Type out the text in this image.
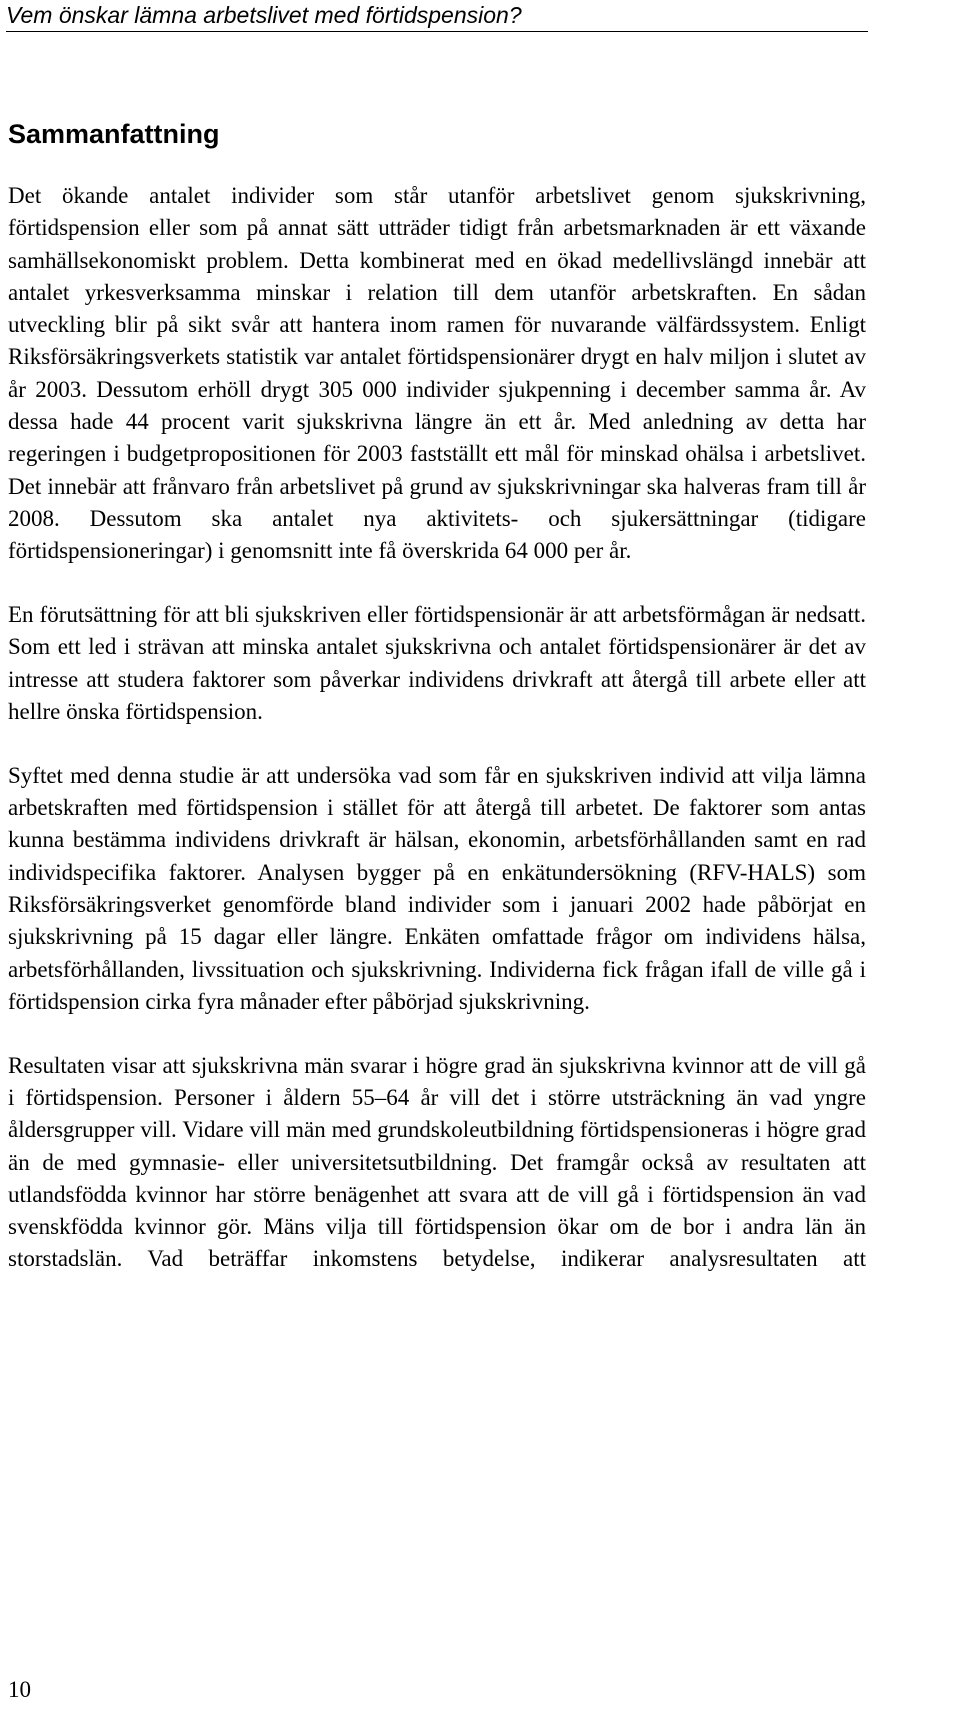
Vem önskar lämna arbetslivet med förtidspension?
Sammanfattning

Det ökande antalet individer som står utanför arbetslivet genom sjukskrivning, förtidspension eller som på annat sätt utträder tidigt från arbetsmarknaden är ett växande samhällsekonomiskt problem. Detta kombinerat med en ökad medellivslängd innebär att antalet yrkesverksamma minskar i relation till dem utanför arbetskraften. En sådan utveckling blir på sikt svår att hantera inom ramen för nuvarande välfärdssystem. Enligt Riksförsäkringsverkets statistik var antalet förtidspensionärer drygt en halv miljon i slutet av år 2003. Dessutom erhöll drygt 305 000 individer sjukpenning i december samma år. Av dessa hade 44 procent varit sjukskrivna längre än ett år. Med anledning av detta har regeringen i budgetpropositionen för 2003 fastställt ett mål för minskad ohälsa i arbetslivet. Det innebär att frånvaro från arbetslivet på grund av sjukskrivningar ska halveras fram till år 2008. Dessutom ska antalet nya aktivitets- och sjukersättningar (tidigare förtidspensioneringar) i genomsnitt inte få överskrida 64 000 per år.

En förutsättning för att bli sjukskriven eller förtidspensionär är att arbetsförmågan är nedsatt. Som ett led i strävan att minska antalet sjukskrivna och antalet förtidspensionärer är det av intresse att studera faktorer som påverkar individens drivkraft att återgå till arbete eller att hellre önska förtidspension.

Syftet med denna studie är att undersöka vad som får en sjukskriven individ att vilja lämna arbetskraften med förtidspension i stället för att återgå till arbetet. De faktorer som antas kunna bestämma individens drivkraft är hälsan, ekonomin, arbetsförhållanden samt en rad individspecifika faktorer. Analysen bygger på en enkätundersökning (RFV-HALS) som Riksförsäkringsverket genomförde bland individer som i januari 2002 hade påbörjat en sjukskrivning på 15 dagar eller längre. Enkäten omfattade frågor om individens hälsa, arbetsförhållanden, livssituation och sjukskrivning. Individerna fick frågan ifall de ville gå i förtidspension cirka fyra månader efter påbörjad sjukskrivning.

Resultaten visar att sjukskrivna män svarar i högre grad än sjukskrivna kvinnor att de vill gå i förtidspension. Personer i åldern 55–64 år vill det i större utsträckning än vad yngre åldersgrupper vill. Vidare vill män med grundskoleutbildning förtidspensioneras i högre grad än de med gymnasie- eller universitetsutbildning. Det framgår också av resultaten att utlandsfödda kvinnor har större benägenhet att svara att de vill gå i förtidspension än vad svenskfödda kvinnor gör. Mäns vilja till förtidspension ökar om de bor i andra län än storstadslän. Vad beträffar inkomstens betydelse, indikerar analysresultaten att

10
